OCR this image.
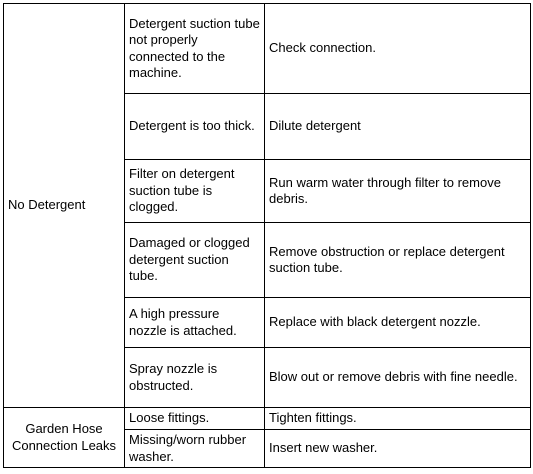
No Detergent	Detergent suction tube not properly connected to the machine.	Check connection.
	Detergent is too thick.	Dilute detergent
	Filter on detergent suction tube is clogged.	Run warm water through filter to remove debris.
	Damaged or clogged detergent suction tube.	Remove obstruction or replace detergent suction tube.
	A high pressure nozzle is attached.	Replace with black detergent nozzle.
	Spray nozzle is obstructed.	Blow out or remove debris with fine needle.
Garden Hose Connection Leaks	Loose fittings.	Tighten fittings.
	Missing/worn rubber washer.	Insert new washer.
